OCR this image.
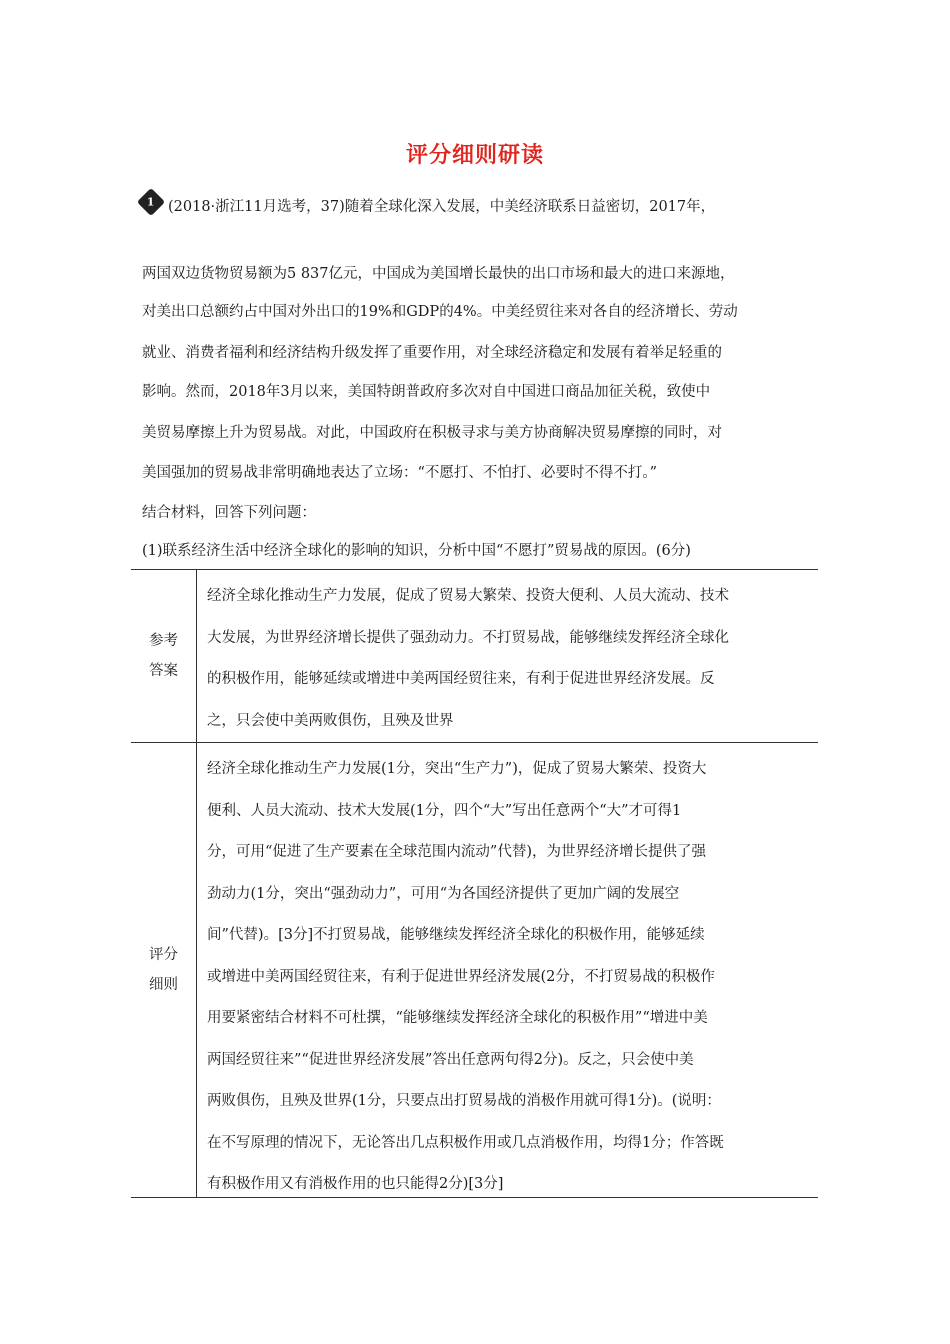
评分细则研读
1 (2018·浙江11月选考，37)随着全球化深入发展，中美经济联系日益密切，2017年，
两国双边货物贸易额为5 837亿元，中国成为美国增长最快的出口市场和最大的进口来源地，
对美出口总额约占中国对外出口的19%和GDP的4%。中美经贸往来对各自的经济增长、劳动
就业、消费者福利和经济结构升级发挥了重要作用，对全球经济稳定和发展有着举足轻重的
影响。然而，2018年3月以来，美国特朗普政府多次对自中国进口商品加征关税，致使中
美贸易摩擦上升为贸易战。对此，中国政府在积极寻求与美方协商解决贸易摩擦的同时，对
美国强加的贸易战非常明确地表达了立场：“不愿打、不怕打、必要时不得不打。”
结合材料，回答下列问题：
(1)联系经济生活中经济全球化的影响的知识，分析中国“不愿打”贸易战的原因。(6分)
参考
答案
经济全球化推动生产力发展，促成了贸易大繁荣、投资大便利、人员大流动、技术
大发展，为世界经济增长提供了强劲动力。不打贸易战，能够继续发挥经济全球化
的积极作用，能够延续或增进中美两国经贸往来，有利于促进世界经济发展。反
之，只会使中美两败俱伤，且殃及世界
评分
细则
经济全球化推动生产力发展(1分，突出“生产力”)，促成了贸易大繁荣、投资大
便利、人员大流动、技术大发展(1分，四个“大”写出任意两个“大”才可得1
分，可用“促进了生产要素在全球范围内流动”代替)，为世界经济增长提供了强
劲动力(1分，突出“强劲动力”，可用“为各国经济提供了更加广阔的发展空
间”代替)。[3分]不打贸易战，能够继续发挥经济全球化的积极作用，能够延续
或增进中美两国经贸往来，有利于促进世界经济发展(2分，不打贸易战的积极作
用要紧密结合材料不可杜撰，“能够继续发挥经济全球化的积极作用”“增进中美
两国经贸往来”“促进世界经济发展”答出任意两句得2分)。反之，只会使中美
两败俱伤，且殃及世界(1分，只要点出打贸易战的消极作用就可得1分)。(说明：
在不写原理的情况下，无论答出几点积极作用或几点消极作用，均得1分；作答既
有积极作用又有消极作用的也只能得2分)[3分]
